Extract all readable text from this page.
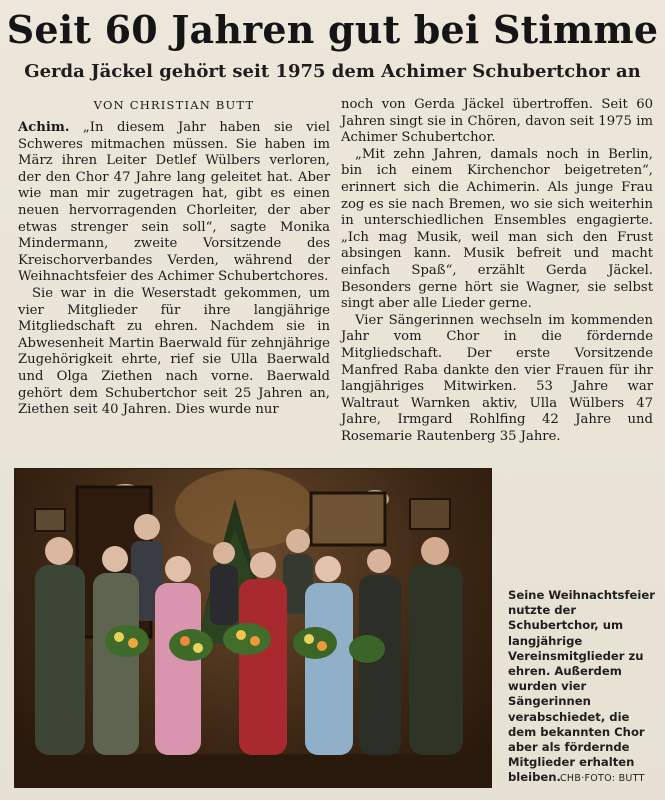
Seit 60 Jahren gut bei Stimme
Gerda Jäckel gehört seit 1975 dem Achimer Schubertchor an
VON CHRISTIAN BUTT

Achim. „In diesem Jahr haben sie viel Schweres mitmachen müssen. Sie haben im März ihren Leiter Detlef Wülbers verloren, der den Chor 47 Jahre lang geleitet hat. Aber wie man mir zugetragen hat, gibt es einen neuen hervorragenden Chorleiter, der aber etwas strenger sein soll“, sagte Monika Mindermann, zweite Vorsitzende des Kreischorverbandes Verden, während der Weihnachtsfeier des Achimer Schubertchores.

Sie war in die Weserstadt gekommen, um vier Mitglieder für ihre langjährige Mitgliedschaft zu ehren. Nachdem sie in Abwesenheit Martin Baerwald für zehnjährige Zugehörigkeit ehrte, rief sie Ulla Baerwald und Olga Ziethen nach vorne. Baerwald gehört dem Schubertchor seit 25 Jahren an, Ziethen seit 40 Jahren. Dies wurde nur

noch von Gerda Jäckel übertroffen. Seit 60 Jahren singt sie in Chören, davon seit 1975 im Achimer Schubertchor.

„Mit zehn Jahren, damals noch in Berlin, bin ich einem Kirchenchor beigetreten“, erinnert sich die Achimerin. Als junge Frau zog es sie nach Bremen, wo sie sich weiterhin in unterschiedlichen Ensembles engagierte. „Ich mag Musik, weil man sich den Frust absingen kann. Musik befreit und macht einfach Spaß“, erzählt Gerda Jäckel. Besonders gerne hört sie Wagner, sie selbst singt aber alle Lieder gerne.

Vier Sängerinnen wechseln im kommenden Jahr vom Chor in die fördernde Mitgliedschaft. Der erste Vorsitzende Manfred Raba dankte den vier Frauen für ihr langjähriges Mitwirken. 53 Jahre war Waltraut Warnken aktiv, Ulla Wülbers 47 Jahre, Irmgard Rohlfing 42 Jahre und Rosemarie Rautenberg 35 Jahre.

Seine Weihnachtsfeier nutzte der Schubertchor, um langjährige Vereinsmitglieder zu ehren. Außerdem wurden vier Sängerinnen verabschiedet, die dem bekannten Chor aber als fördernde Mitglieder erhalten bleiben. CHB·FOTO: BUTT
